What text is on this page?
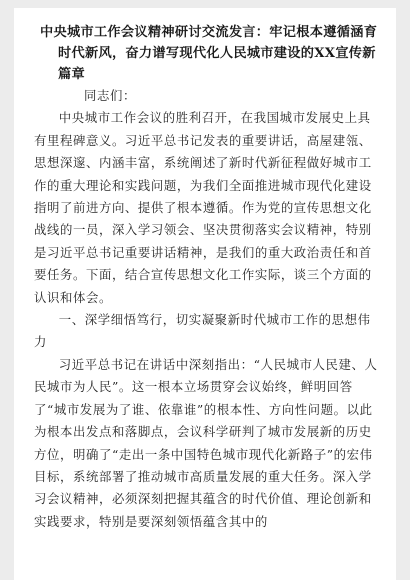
中央城市工作会议精神研讨交流发言：牢记根本遵循涵育
时代新风，奋力谱写现代化人民城市建设的XX宣传新篇章
同志们：

中央城市工作会议的胜利召开，在我国城市发展史上具有里程碑意义。习近平总书记发表的重要讲话，高屋建瓴、思想深邃、内涵丰富，系统阐述了新时代新征程做好城市工作的重大理论和实践问题，为我们全面推进城市现代化建设指明了前进方向、提供了根本遵循。作为党的宣传思想文化战线的一员，深入学习领会、坚决贯彻落实会议精神，特别是习近平总书记重要讲话精神，是我们的重大政治责任和首要任务。下面，结合宣传思想文化工作实际，谈三个方面的认识和体会。

一、深学细悟笃行，切实凝聚新时代城市工作的思想伟力

习近平总书记在讲话中深刻指出：“人民城市人民建、人民城市为人民”。这一根本立场贯穿会议始终，鲜明回答了“城市发展为了谁、依靠谁”的根本性、方向性问题。以此为根本出发点和落脚点，会议科学研判了城市发展新的历史方位，明确了“走出一条中国特色城市现代化新路子”的宏伟目标，系统部署了推动城市高质量发展的重大任务。深入学习会议精神，必须深刻把握其蕴含的时代价值、理论创新和实践要求，特别是要深刻领悟蕴含其中的
